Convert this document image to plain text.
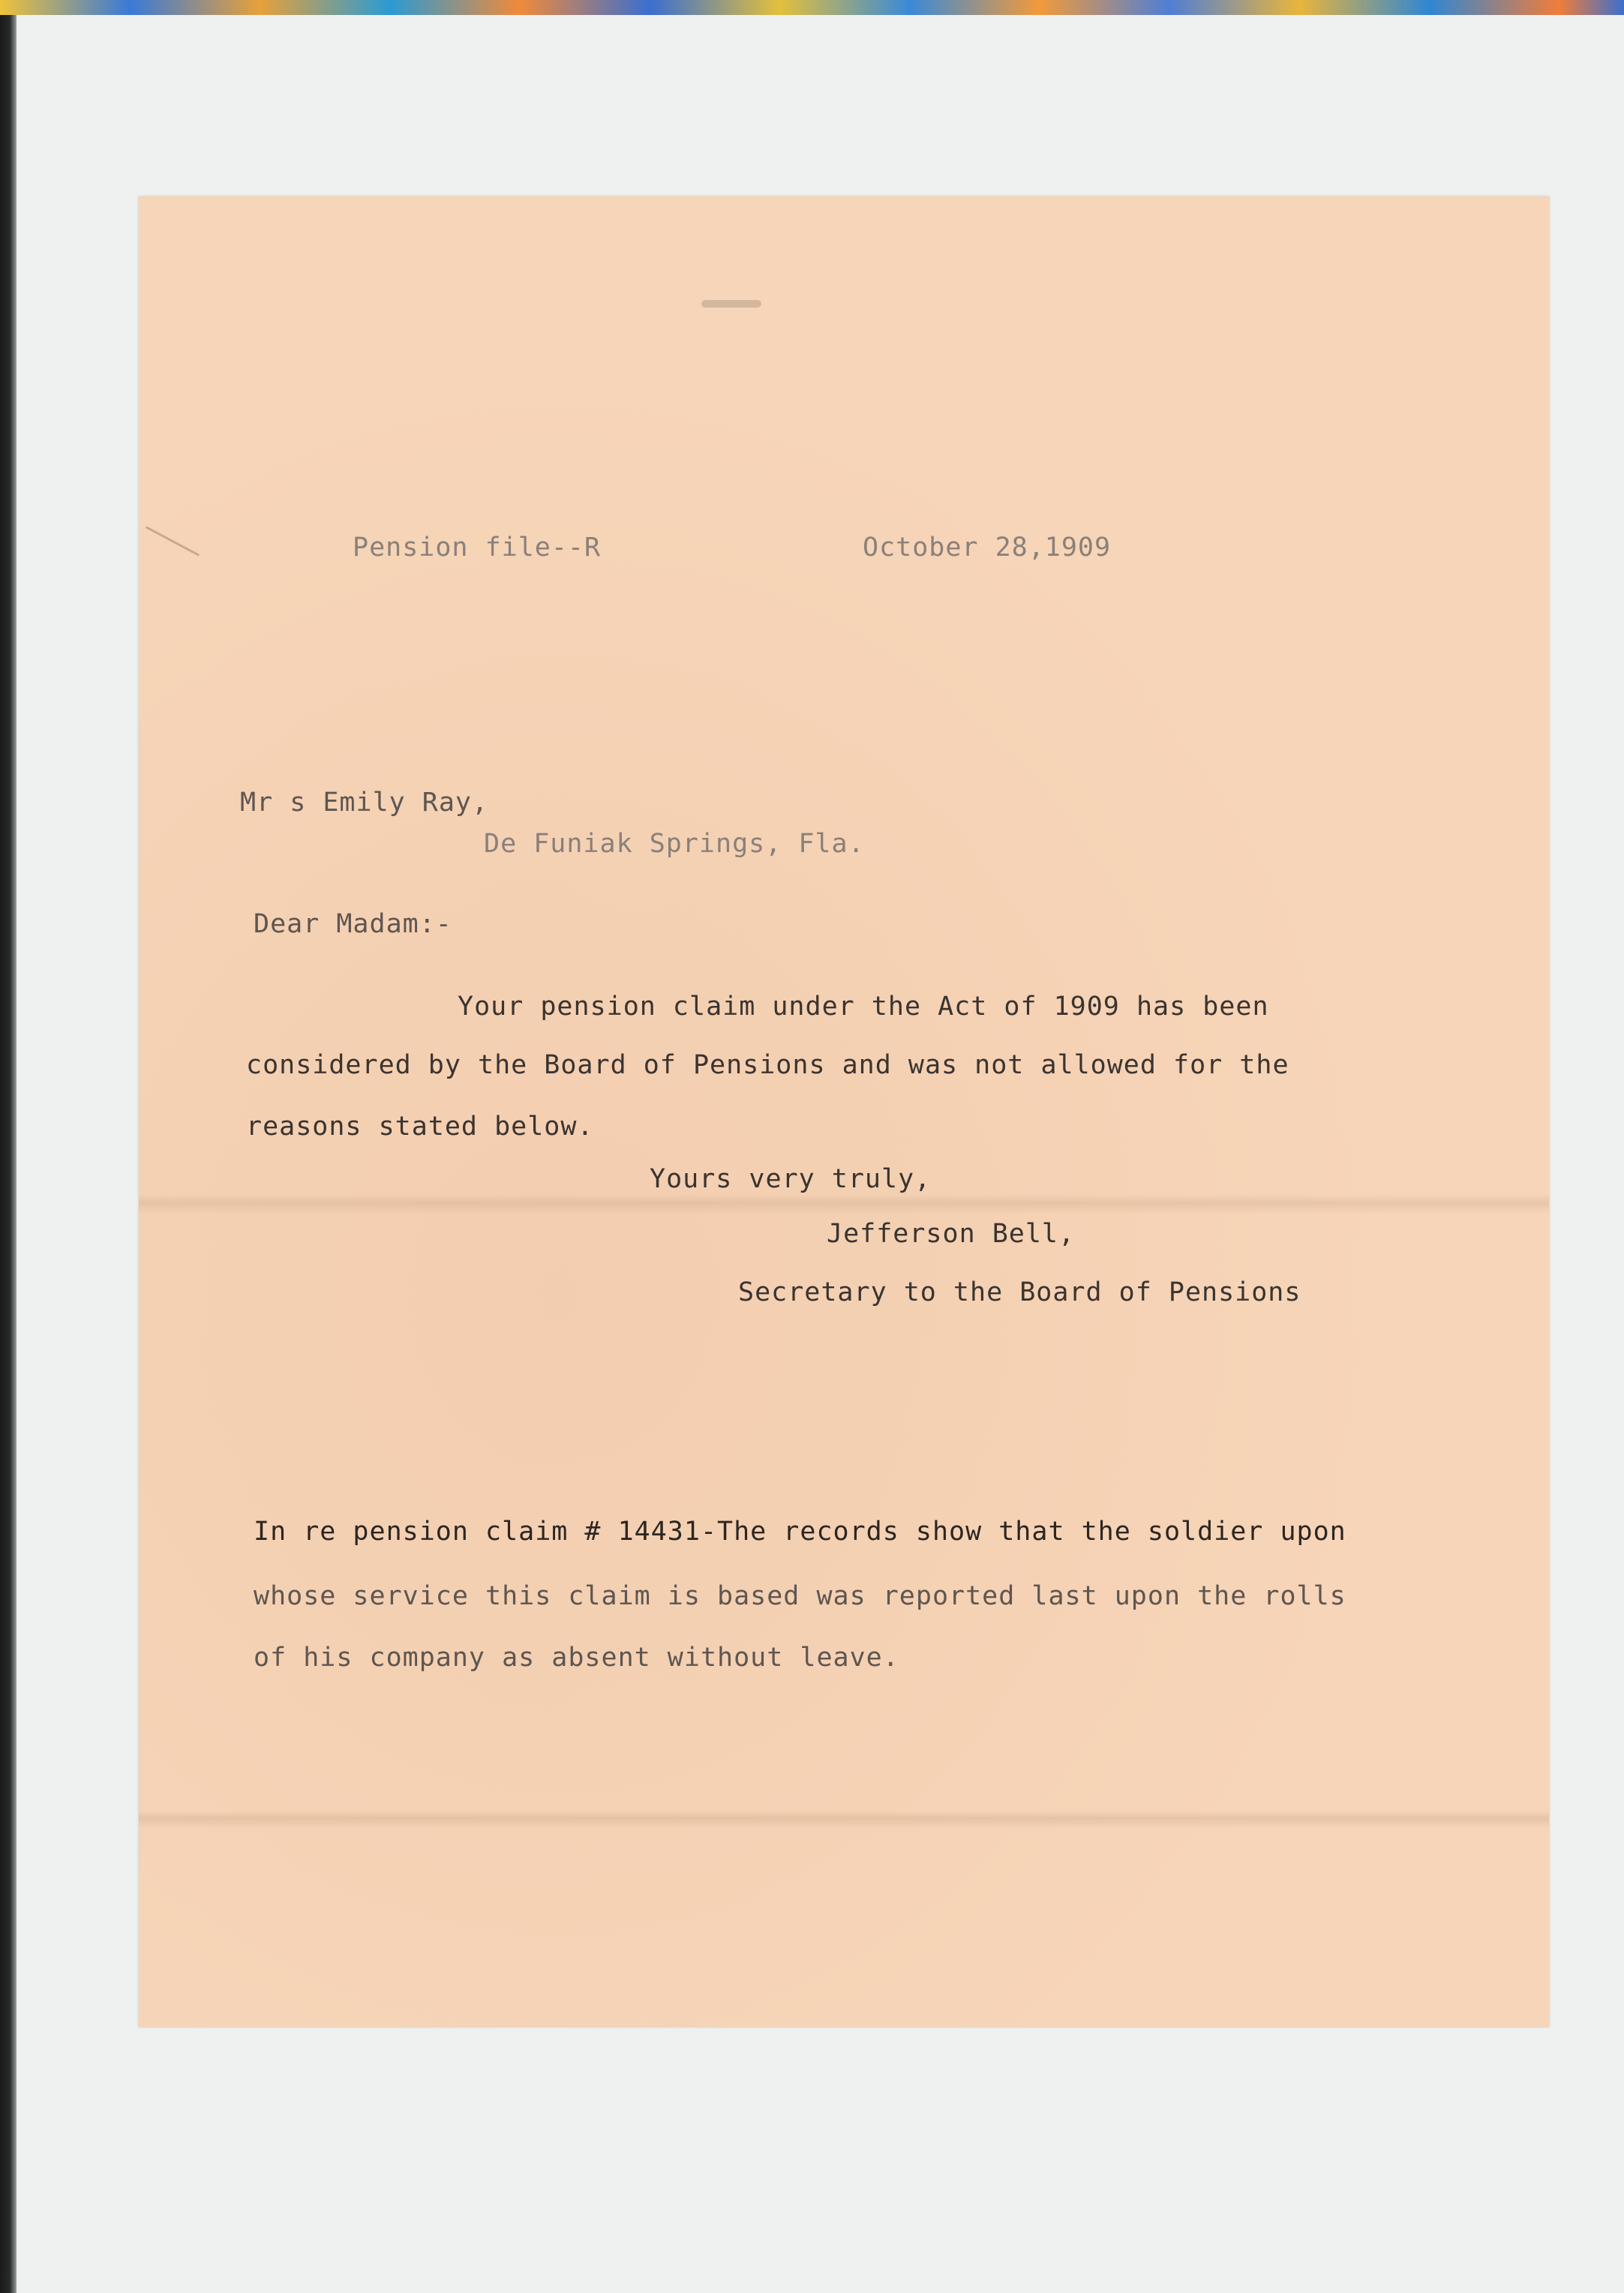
Pension file--R	October 28,1909
Mr s Emily Ray,
De Funiak Springs, Fla.
Dear Madam:-
Your pension claim under the Act of 1909 has been
considered by the Board of Pensions and was not allowed for the
reasons stated below.
Yours very truly,
Jefferson Bell,
Secretary to the Board of Pensions
In re pension claim # 14431-The records show that the soldier upon
whose service this claim is based was reported last upon the rolls
of his company as absent without leave.
